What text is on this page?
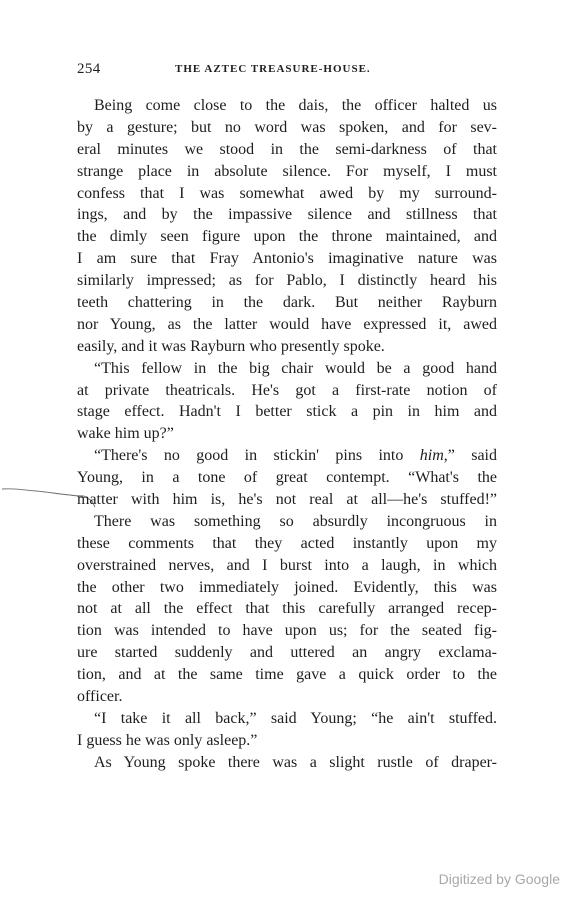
254	THE AZTEC TREASURE-HOUSE.
Being come close to the dais, the officer halted us
by a gesture; but no word was spoken, and for sev-
eral minutes we stood in the semi-darkness of that
strange place in absolute silence. For myself, I must
confess that I was somewhat awed by my surround-
ings, and by the impassive silence and stillness that
the dimly seen figure upon the throne maintained, and
I am sure that Fray Antonio's imaginative nature was
similarly impressed; as for Pablo, I distinctly heard his
teeth chattering in the dark. But neither Rayburn
nor Young, as the latter would have expressed it, awed
easily, and it was Rayburn who presently spoke.
“This fellow in the big chair would be a good hand
at private theatricals. He's got a first-rate notion of
stage effect. Hadn't I better stick a pin in him and
wake him up?”
“There's no good in stickin' pins into him,” said
Young, in a tone of great contempt. “What's the
matter with him is, he's not real at all—he's stuffed!”
There was something so absurdly incongruous in
these comments that they acted instantly upon my
overstrained nerves, and I burst into a laugh, in which
the other two immediately joined. Evidently, this was
not at all the effect that this carefully arranged recep-
tion was intended to have upon us; for the seated fig-
ure started suddenly and uttered an angry exclama-
tion, and at the same time gave a quick order to the
officer.
“I take it all back,” said Young; “he ain't stuffed.
I guess he was only asleep.”
As Young spoke there was a slight rustle of draper-
Digitized by Google
